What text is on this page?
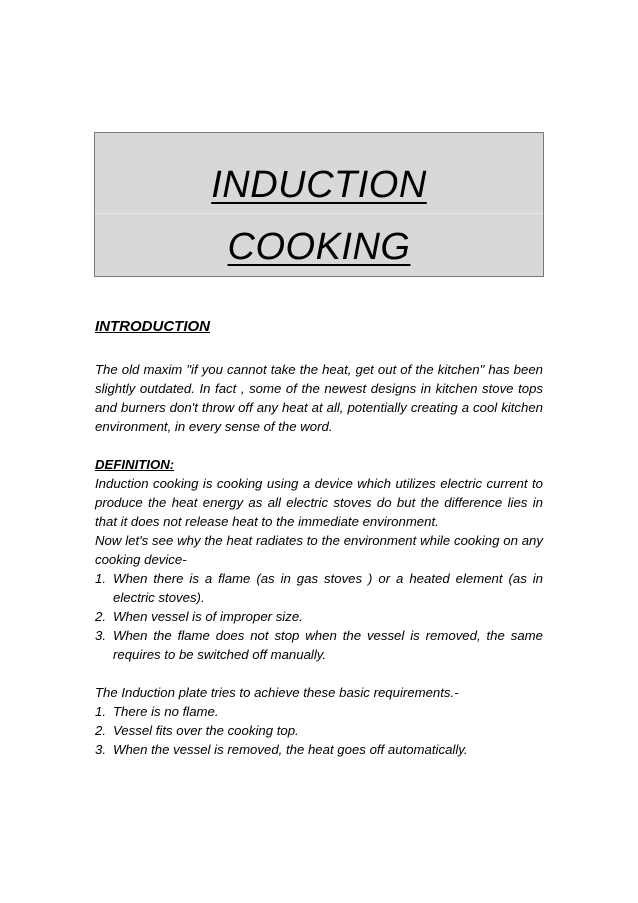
INDUCTION
COOKING

INTRODUCTION

The old maxim "if you cannot take the heat, get out of the kitchen" has been slightly outdated. In fact , some of the newest designs in kitchen stove tops and burners don't throw off any heat at all, potentially creating a cool kitchen environment, in every sense of the word.

DEFINITION:

Induction cooking is cooking using a device which utilizes electric current to produce the heat energy as all electric stoves do but the difference lies in that it does not release heat to the immediate environment.

Now let's see why the heat radiates to the environment while cooking on any cooking device-

1. When there is a flame (as in gas stoves ) or a heated element (as in electric stoves).
2. When vessel is of improper size.
3. When the flame does not stop when the vessel is removed, the same requires to be switched off manually.

The Induction plate tries to achieve these basic requirements.-

1. There is no flame.
2. Vessel fits over the cooking top.
3. When the vessel is removed, the heat goes off automatically.
